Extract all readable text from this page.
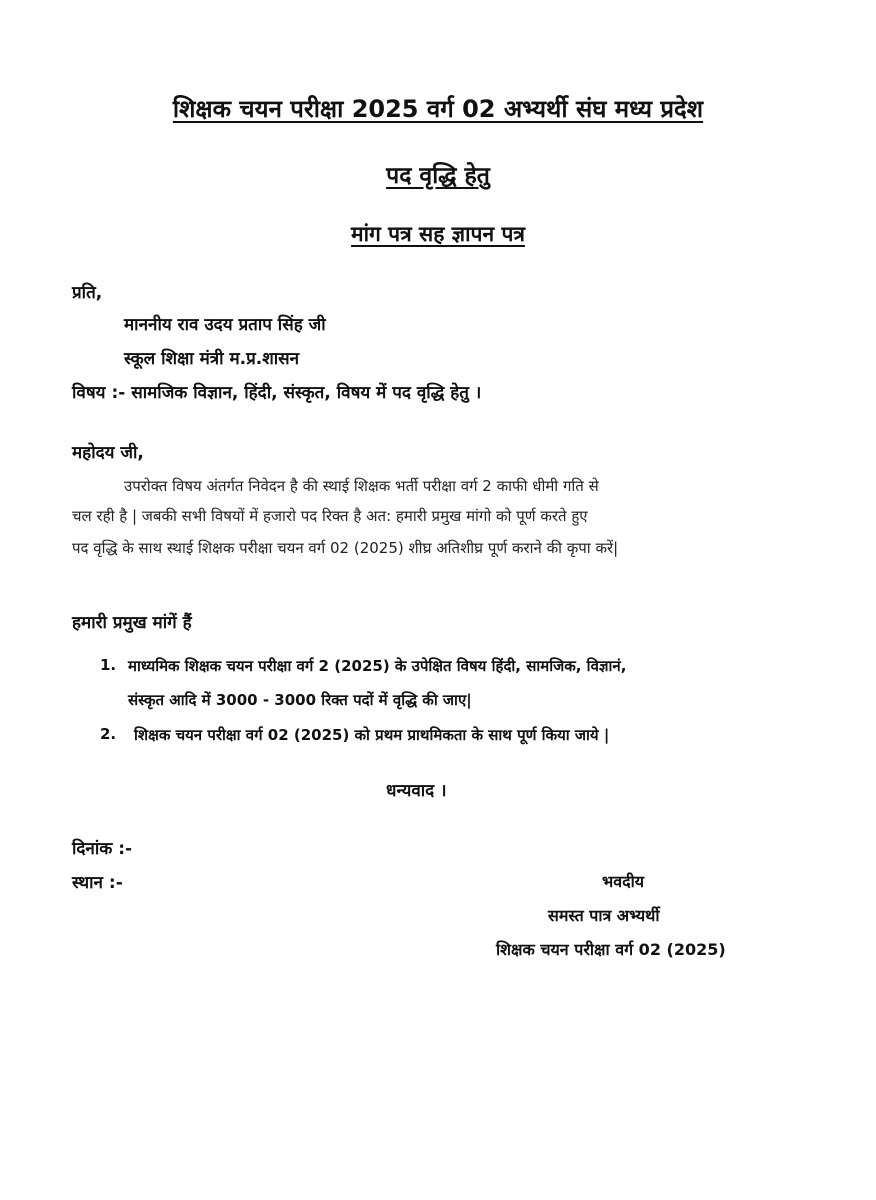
शिक्षक चयन परीक्षा 2025 वर्ग 02 अभ्यर्थी संघ मध्य प्रदेश
पद वृद्धि हेतु
मांग पत्र सह ज्ञापन पत्र
प्रति,
माननीय राव उदय प्रताप सिंह जी
स्कूल शिक्षा मंत्री म.प्र.शासन
विषय :- सामजिक विज्ञान, हिंदी, संस्कृत, विषय में पद वृद्धि हेतु ।
महोदय जी,
उपरोक्त विषय अंतर्गत निवेदन है की स्थाई शिक्षक भर्ती परीक्षा वर्ग 2 काफी धीमी गति से
चल रही है | जबकी सभी विषयों में हजारो पद रिक्त है अत: हमारी प्रमुख मांगो को पूर्ण करते हुए
पद वृद्धि के साथ स्थाई शिक्षक परीक्षा चयन वर्ग 02 (2025) शीघ्र अतिशीघ्र पूर्ण कराने की कृपा करें|
हमारी प्रमुख मांगें हैं
1. माध्यमिक शिक्षक चयन परीक्षा वर्ग 2 (2025) के उपेक्षित विषय हिंदी, सामजिक, विज्ञानं,
संस्कृत आदि में 3000 - 3000 रिक्त पदों में वृद्धि की जाए|
2. शिक्षक चयन परीक्षा वर्ग 02 (2025) को प्रथम प्राथमिकता के साथ पूर्ण किया जाये |
धन्यवाद ।
दिनांक :-
स्थान :-	भवदीय
समस्त पात्र अभ्यर्थी
शिक्षक चयन परीक्षा वर्ग 02 (2025)
